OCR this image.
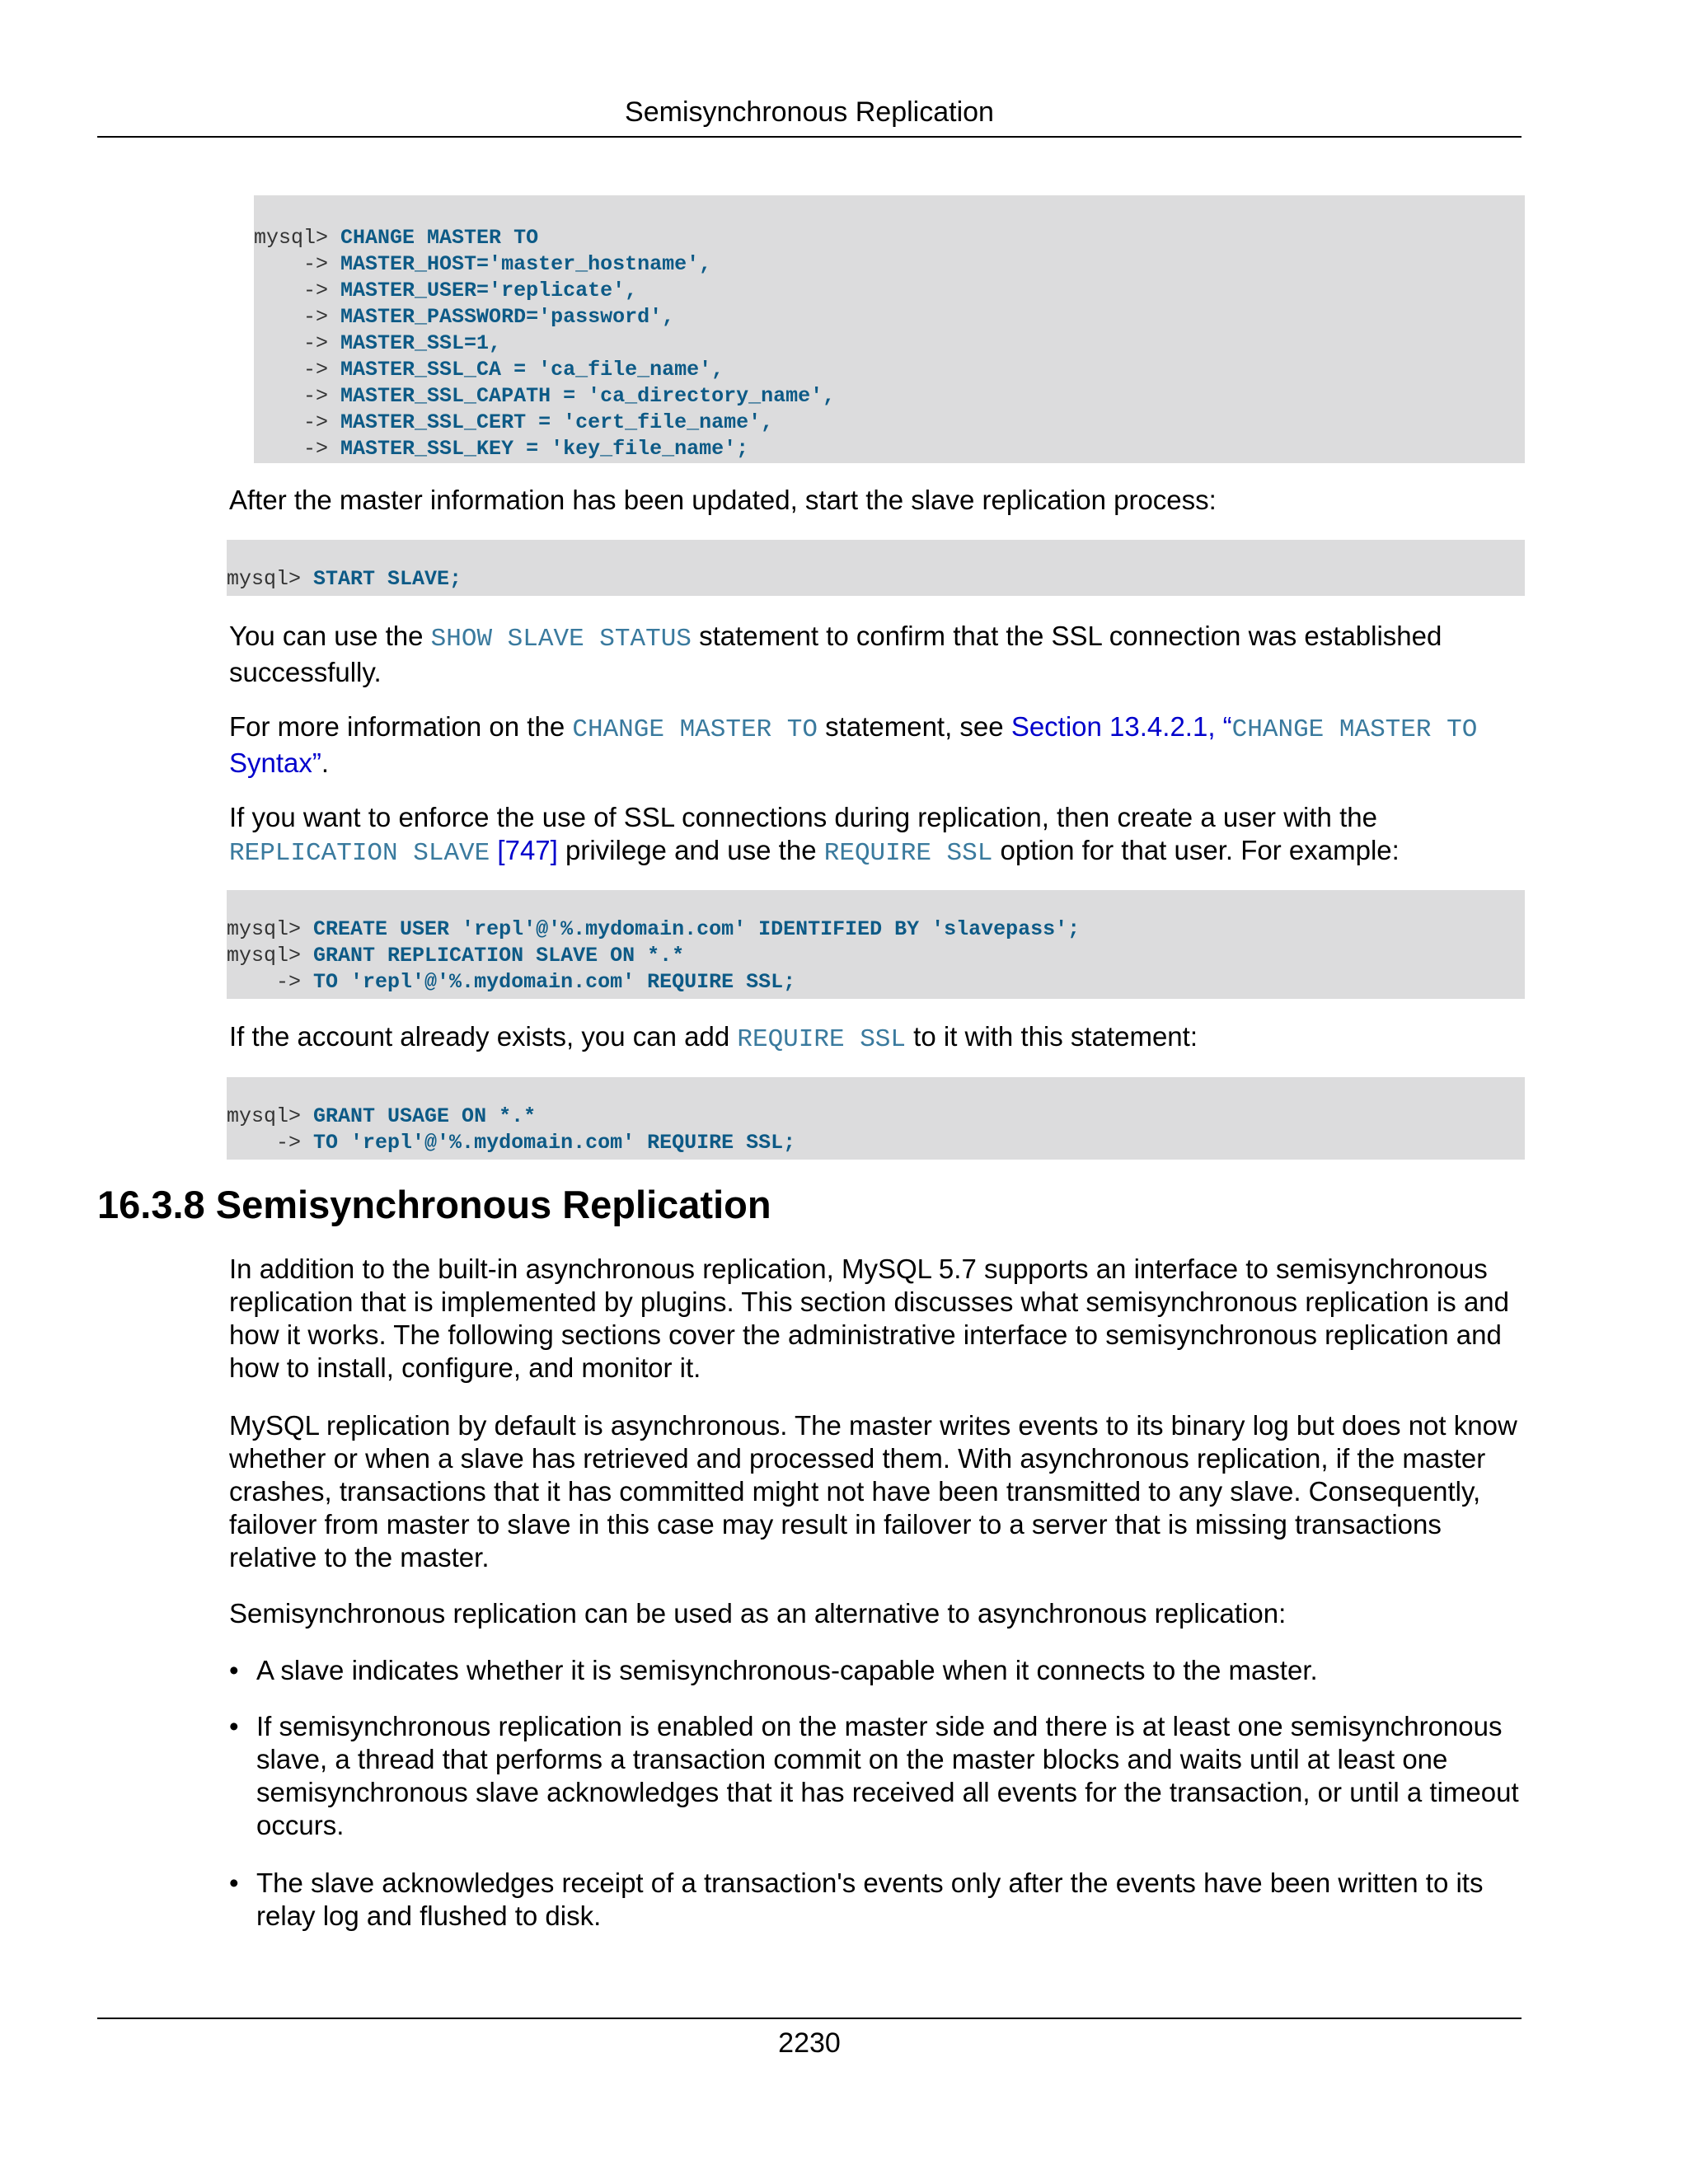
Semisynchronous Replication
mysql> CHANGE MASTER TO
-> MASTER_HOST='master_hostname',
-> MASTER_USER='replicate',
-> MASTER_PASSWORD='password',
-> MASTER_SSL=1,
-> MASTER_SSL_CA = 'ca_file_name',
-> MASTER_SSL_CAPATH = 'ca_directory_name',
-> MASTER_SSL_CERT = 'cert_file_name',
-> MASTER_SSL_KEY = 'key_file_name';

After the master information has been updated, start the slave replication process:

mysql> START SLAVE;

You can use the SHOW SLAVE STATUS statement to confirm that the SSL connection was established successfully.

For more information on the CHANGE MASTER TO statement, see Section 13.4.2.1, “CHANGE MASTER TO Syntax”.

If you want to enforce the use of SSL connections during replication, then create a user with the REPLICATION SLAVE [747] privilege and use the REQUIRE SSL option for that user. For example:

mysql> CREATE USER 'repl'@'%.mydomain.com' IDENTIFIED BY 'slavepass';
mysql> GRANT REPLICATION SLAVE ON *.*
-> TO 'repl'@'%.mydomain.com' REQUIRE SSL;

If the account already exists, you can add REQUIRE SSL to it with this statement:

mysql> GRANT USAGE ON *.*
-> TO 'repl'@'%.mydomain.com' REQUIRE SSL;
16.3.8 Semisynchronous Replication

In addition to the built-in asynchronous replication, MySQL 5.7 supports an interface to semisynchronous replication that is implemented by plugins. This section discusses what semisynchronous replication is and how it works. The following sections cover the administrative interface to semisynchronous replication and how to install, configure, and monitor it.

MySQL replication by default is asynchronous. The master writes events to its binary log but does not know whether or when a slave has retrieved and processed them. With asynchronous replication, if the master crashes, transactions that it has committed might not have been transmitted to any slave. Consequently, failover from master to slave in this case may result in failover to a server that is missing transactions relative to the master.

Semisynchronous replication can be used as an alternative to asynchronous replication:

• A slave indicates whether it is semisynchronous-capable when it connects to the master.
• If semisynchronous replication is enabled on the master side and there is at least one semisynchronous slave, a thread that performs a transaction commit on the master blocks and waits until at least one semisynchronous slave acknowledges that it has received all events for the transaction, or until a timeout occurs.
• The slave acknowledges receipt of a transaction's events only after the events have been written to its relay log and flushed to disk.
2230
